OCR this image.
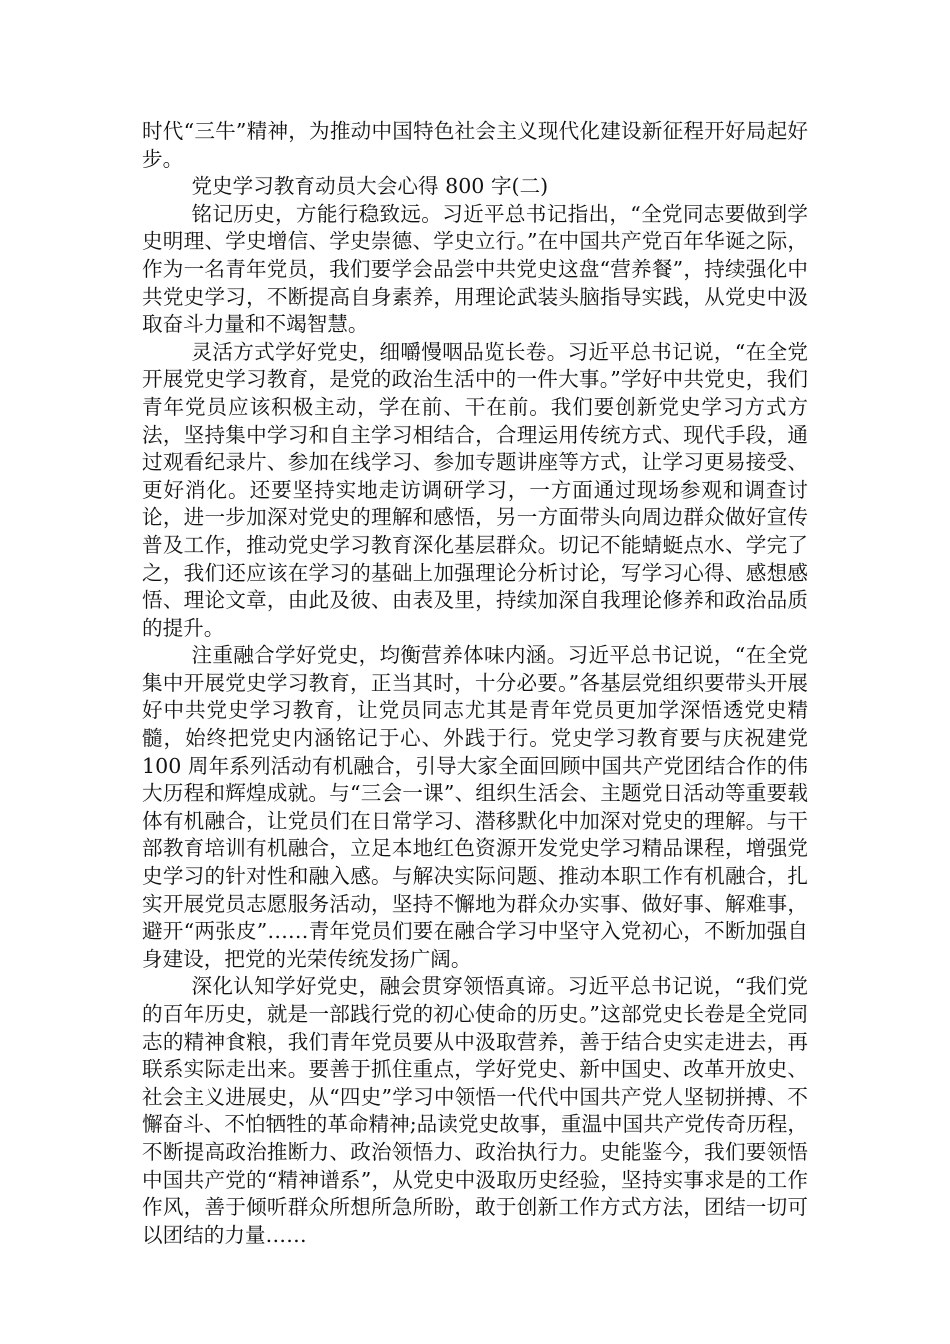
时代“三牛”精神，为推动中国特色社会主义现代化建设新征程开好局起好步。

党史学习教育动员大会心得 800 字(二)

铭记历史，方能行稳致远。习近平总书记指出，“全党同志要做到学史明理、学史增信、学史崇德、学史立行。”在中国共产党百年华诞之际，作为一名青年党员，我们要学会品尝中共党史这盘“营养餐”，持续强化中共党史学习，不断提高自身素养，用理论武装头脑指导实践，从党史中汲取奋斗力量和不竭智慧。

灵活方式学好党史，细嚼慢咽品览长卷。习近平总书记说，“在全党开展党史学习教育，是党的政治生活中的一件大事。”学好中共党史，我们青年党员应该积极主动，学在前、干在前。我们要创新党史学习方式方法，坚持集中学习和自主学习相结合，合理运用传统方式、现代手段，通过观看纪录片、参加在线学习、参加专题讲座等方式，让学习更易接受、更好消化。还要坚持实地走访调研学习，一方面通过现场参观和调查讨论，进一步加深对党史的理解和感悟，另一方面带头向周边群众做好宣传普及工作，推动党史学习教育深化基层群众。切记不能蜻蜓点水、学完了之，我们还应该在学习的基础上加强理论分析讨论，写学习心得、感想感悟、理论文章，由此及彼、由表及里，持续加深自我理论修养和政治品质的提升。

注重融合学好党史，均衡营养体味内涵。习近平总书记说，“在全党集中开展党史学习教育，正当其时，十分必要。”各基层党组织要带头开展好中共党史学习教育，让党员同志尤其是青年党员更加学深悟透党史精髓，始终把党史内涵铭记于心、外践于行。党史学习教育要与庆祝建党 100 周年系列活动有机融合，引导大家全面回顾中国共产党团结合作的伟大历程和辉煌成就。与“三会一课”、组织生活会、主题党日活动等重要载体有机融合，让党员们在日常学习、潜移默化中加深对党史的理解。与干部教育培训有机融合，立足本地红色资源开发党史学习精品课程，增强党史学习的针对性和融入感。与解决实际问题、推动本职工作有机融合，扎实开展党员志愿服务活动，坚持不懈地为群众办实事、做好事、解难事，避开“两张皮”……青年党员们要在融合学习中坚守入党初心，不断加强自身建设，把党的光荣传统发扬广阔。

深化认知学好党史，融会贯穿领悟真谛。习近平总书记说，“我们党的百年历史，就是一部践行党的初心使命的历史。”这部党史长卷是全党同志的精神食粮，我们青年党员要从中汲取营养，善于结合史实走进去，再联系实际走出来。要善于抓住重点，学好党史、新中国史、改革开放史、社会主义进展史，从“四史”学习中领悟一代代中国共产党人坚韧拼搏、不懈奋斗、不怕牺牲的革命精神;品读党史故事，重温中国共产党传奇历程，不断提高政治推断力、政治领悟力、政治执行力。史能鉴今，我们要领悟中国共产党的“精神谱系”，从党史中汲取历史经验，坚持实事求是的工作作风，善于倾听群众所想所急所盼，敢于创新工作方式方法，团结一切可以团结的力量……
